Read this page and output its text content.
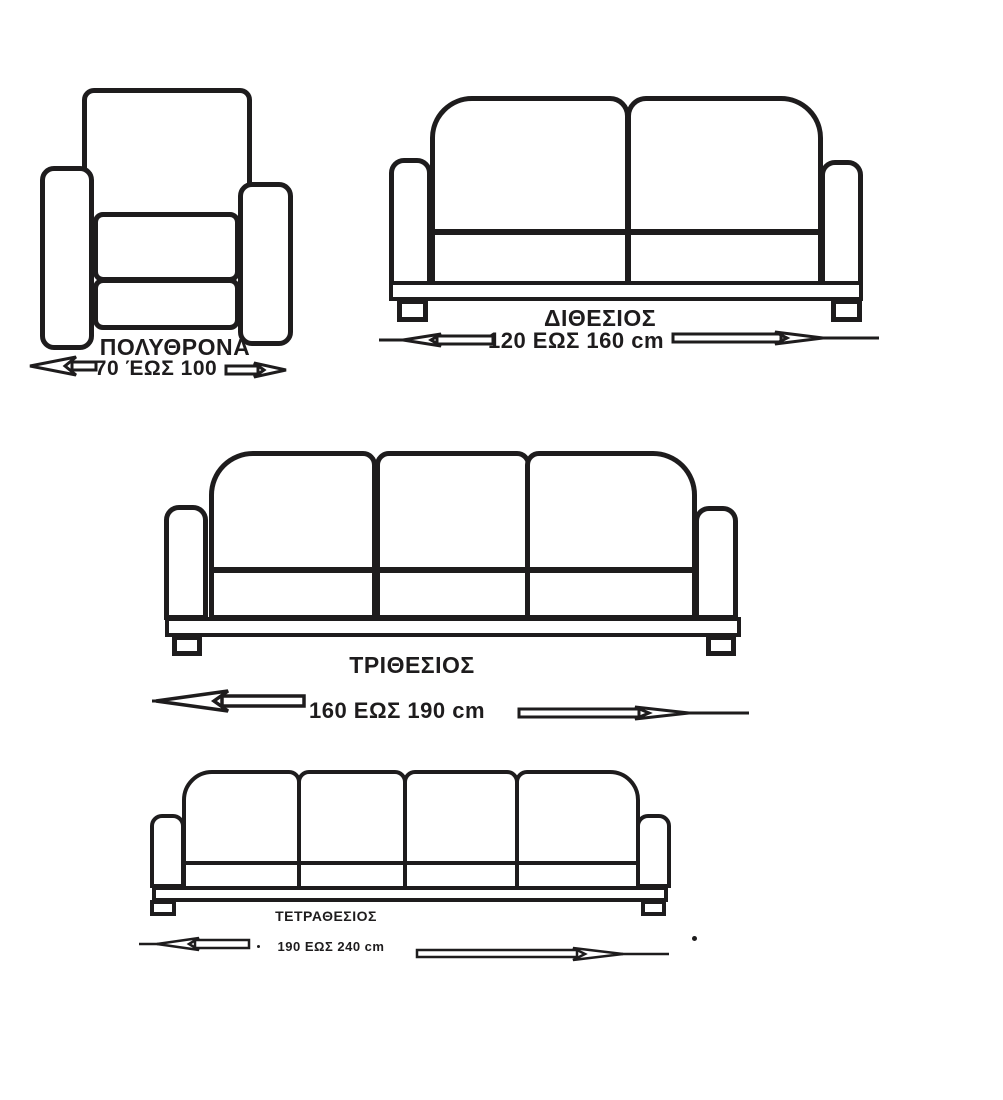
ΠΟΛΥΘΡΟΝΑ
70 ΈΩΣ 100
ΔΙΘΕΣΙΟΣ
120 ΕΩΣ 160 cm
ΤΡΙΘΕΣΙΟΣ
160 ΕΩΣ 190 cm
ΤΕΤΡΑΘΕΣΙΟΣ
190 ΕΩΣ 240 cm
